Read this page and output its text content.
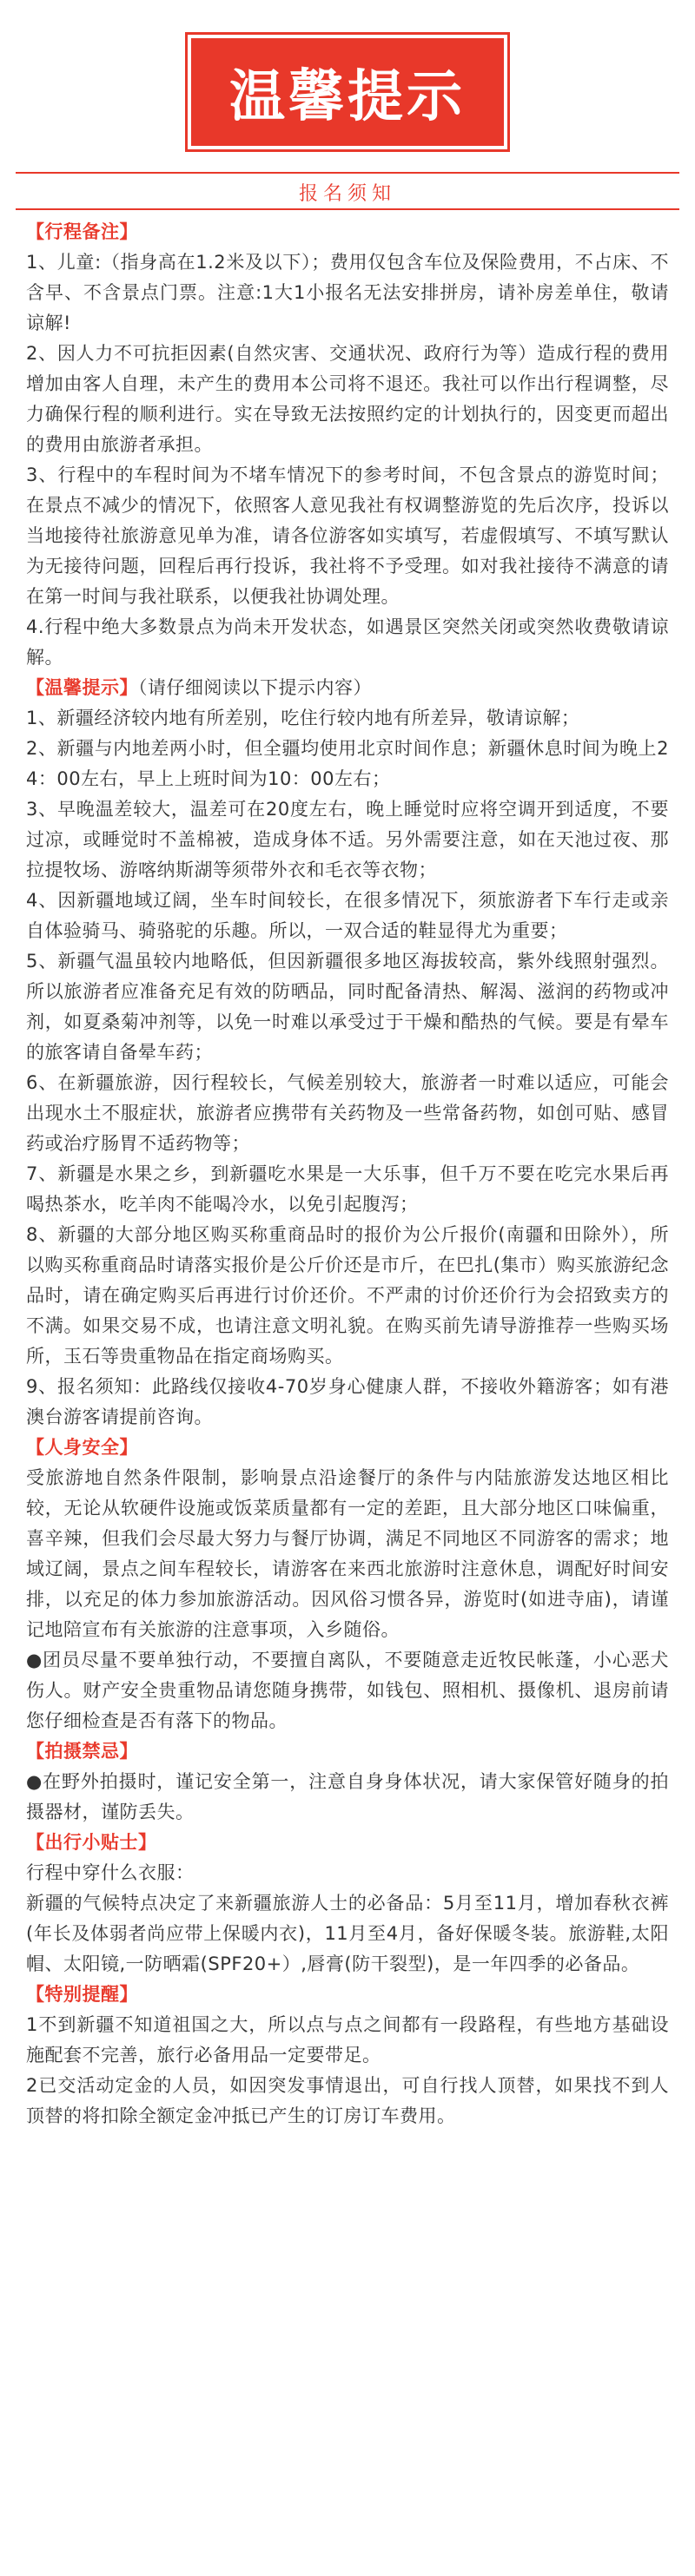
温馨提示
报名须知

【行程备注】

1、儿童:（指身高在1.2米及以下）；费用仅包含车位及保险费用，不占床、不含早、不含景点门票。注意:1大1小报名无法安排拼房，请补房差单住，敬请谅解!

2、因人力不可抗拒因素(自然灾害、交通状况、政府行为等）造成行程的费用增加由客人自理，未产生的费用本公司将不退还。我社可以作出行程调整，尽力确保行程的顺利进行。实在导致无法按照约定的计划执行的，因变更而超出的费用由旅游者承担。

3、行程中的车程时间为不堵车情况下的参考时间，不包含景点的游览时间；在景点不减少的情况下，依照客人意见我社有权调整游览的先后次序，投诉以当地接待社旅游意见单为准，请各位游客如实填写，若虚假填写、不填写默认为无接待问题，回程后再行投诉，我社将不予受理。如对我社接待不满意的请在第一时间与我社联系，以便我社协调处理。

4.行程中绝大多数景点为尚未开发状态，如遇景区突然关闭或突然收费敬请谅解。

【温馨提示】（请仔细阅读以下提示内容）

1、新疆经济较内地有所差别，吃住行较内地有所差异，敬请谅解；

2、新疆与内地差两小时，但全疆均使用北京时间作息；新疆休息时间为晚上24：00左右，早上上班时间为10：00左右；

3、早晚温差较大，温差可在20度左右，晚上睡觉时应将空调开到适度，不要过凉，或睡觉时不盖棉被，造成身体不适。另外需要注意，如在天池过夜、那拉提牧场、游喀纳斯湖等须带外衣和毛衣等衣物；

4、因新疆地域辽阔，坐车时间较长，在很多情况下，须旅游者下车行走或亲自体验骑马、骑骆驼的乐趣。所以，一双合适的鞋显得尤为重要；

5、新疆气温虽较内地略低，但因新疆很多地区海拔较高，紫外线照射强烈。所以旅游者应准备充足有效的防晒品，同时配备清热、解渴、滋润的药物或冲剂，如夏桑菊冲剂等，以免一时难以承受过于干燥和酷热的气候。要是有晕车的旅客请自备晕车药；

6、在新疆旅游，因行程较长，气候差别较大，旅游者一时难以适应，可能会出现水土不服症状，旅游者应携带有关药物及一些常备药物，如创可贴、感冒药或治疗肠胃不适药物等；

7、新疆是水果之乡，到新疆吃水果是一大乐事，但千万不要在吃完水果后再喝热茶水，吃羊肉不能喝冷水，以免引起腹泻；

8、新疆的大部分地区购买称重商品时的报价为公斤报价(南疆和田除外），所以购买称重商品时请落实报价是公斤价还是市斤，在巴扎(集市）购买旅游纪念品时，请在确定购买后再进行讨价还价。不严肃的讨价还价行为会招致卖方的不满。如果交易不成，也请注意文明礼貌。在购买前先请导游推荐一些购买场所，玉石等贵重物品在指定商场购买。

9、报名须知：此路线仅接收4-70岁身心健康人群，不接收外籍游客；如有港澳台游客请提前咨询。

【人身安全】

受旅游地自然条件限制，影响景点沿途餐厅的条件与内陆旅游发达地区相比较，无论从软硬件设施或饭菜质量都有一定的差距，且大部分地区口味偏重，喜辛辣，但我们会尽最大努力与餐厅协调，满足不同地区不同游客的需求；地域辽阔，景点之间车程较长，请游客在来西北旅游时注意休息，调配好时间安排，以充足的体力参加旅游活动。因风俗习惯各异，游览时(如进寺庙)，请谨记地陪宣布有关旅游的注意事项，入乡随俗。

●团员尽量不要单独行动，不要擅自离队，不要随意走近牧民帐蓬，小心恶犬伤人。财产安全贵重物品请您随身携带，如钱包、照相机、摄像机、退房前请您仔细检查是否有落下的物品。

【拍摄禁忌】

●在野外拍摄时，谨记安全第一，注意自身身体状况，请大家保管好随身的拍摄器材，谨防丢失。

【出行小贴士】

行程中穿什么衣服：

新疆的气候特点决定了来新疆旅游人士的必备品：5月至11月，增加春秋衣裤(年长及体弱者尚应带上保暖内衣)，11月至4月，备好保暖冬装。旅游鞋,太阳帽、太阳镜,一防晒霜(SPF20+）,唇膏(防干裂型)，是一年四季的必备品。

【特别提醒】

1不到新疆不知道祖国之大，所以点与点之间都有一段路程，有些地方基础设施配套不完善，旅行必备用品一定要带足。

2已交活动定金的人员，如因突发事情退出，可自行找人顶替，如果找不到人顶替的将扣除全额定金冲抵已产生的订房订车费用。
